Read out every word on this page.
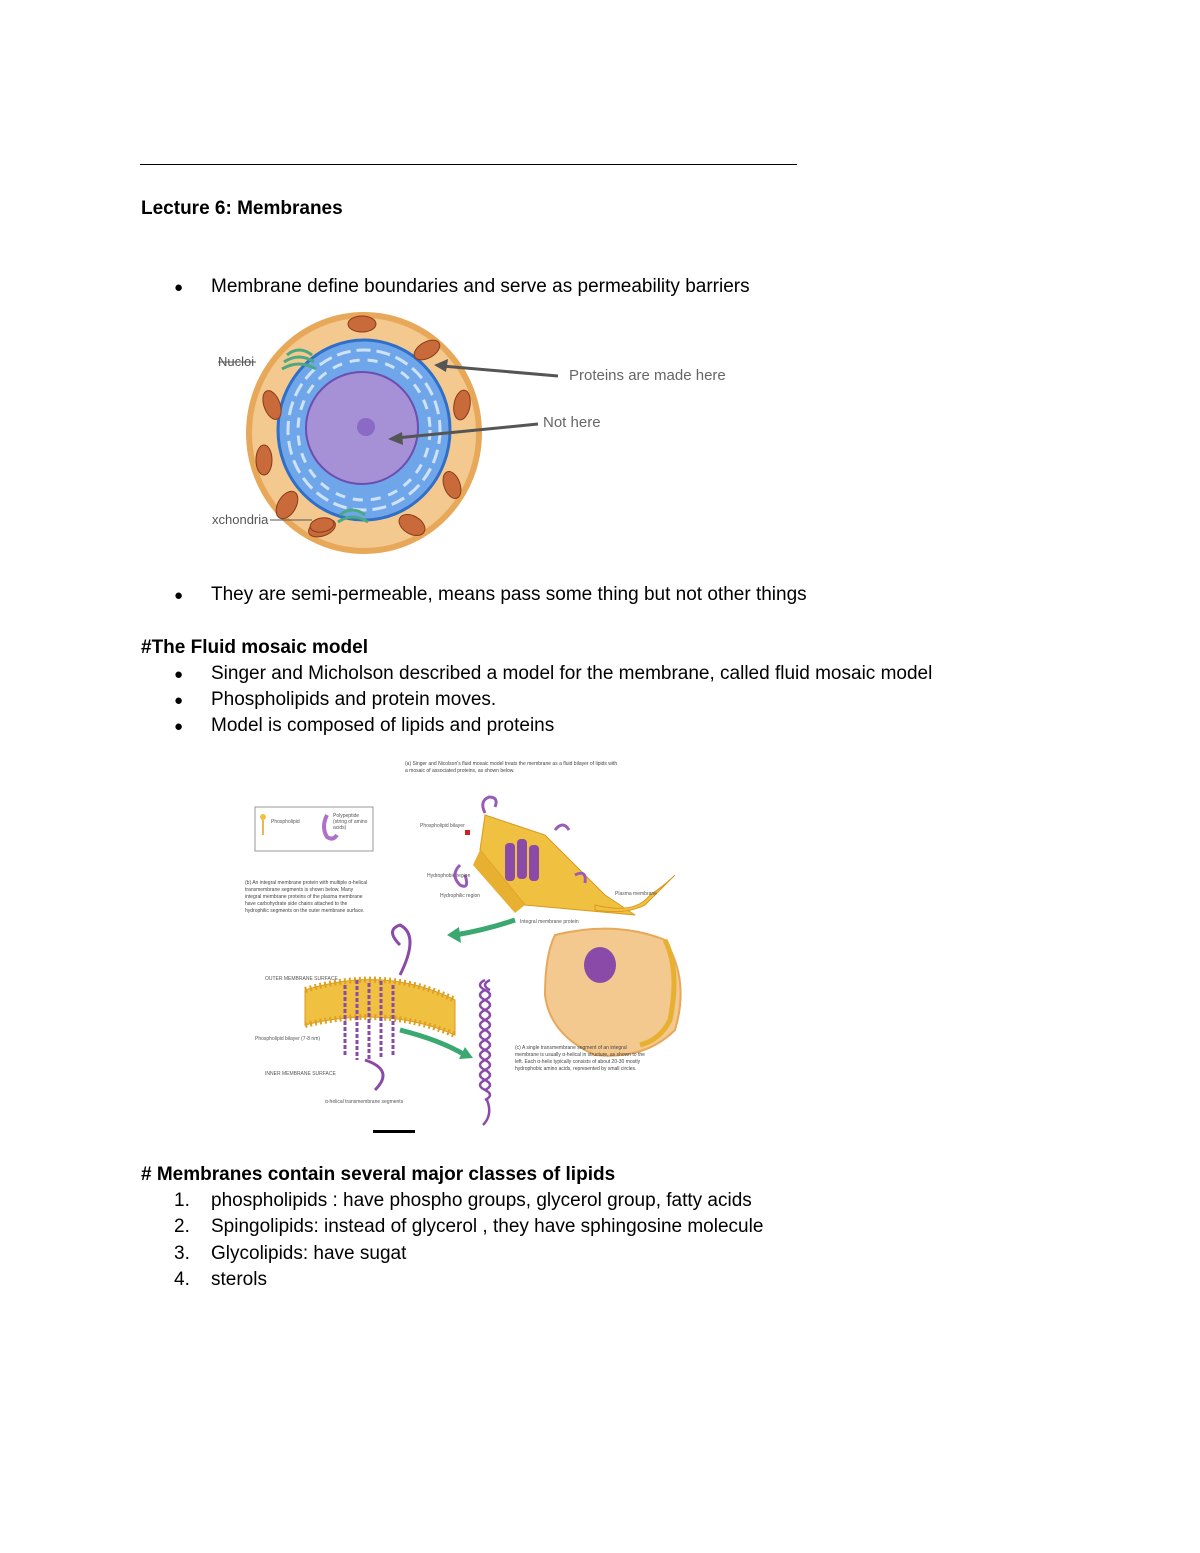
Lecture 6: Membranes
●	Membrane define boundaries and serve as permeability barriers
Nucloi
xchondria
Proteins are made here
Not here
●	They are semi-permeable, means pass some thing but not other things
#The Fluid mosaic model
●	Singer and Micholson described a model for the membrane, called fluid mosaic model
●	Phospholipids and protein moves.
●	Model is composed of lipids and proteins
(a) Singer and Nicolson's fluid mosaic model treats the membrane as a fluid bilayer of lipids with a mosaic of associated proteins, as shown below.
Phospholipid
Polypeptide (string of amino acids)	Phospholipid bilayer
Hydrophobic region
Hydrophilic region
Integral membrane protein
Plasma membrane
(b) An integral membrane protein with multiple α-helical transmembrane segments is shown below. Many integral membrane proteins of the plasma membrane have carbohydrate side chains attached to the hydrophilic segments on the outer membrane surface.
OUTER MEMBRANE SURFACE
Phospholipid bilayer (7-8 nm)
INNER MEMBRANE SURFACE
α-helical transmembrane segments
(c) A single transmembrane segment of an integral membrane is usually α-helical in structure, as shown to the left. Each α-helix typically consists of about 20-30 mostly hydrophobic amino acids, represented by small circles.
# Membranes contain several major classes of lipids
1.	phospholipids : have phospho groups, glycerol group, fatty acids
2.	Spingolipids: instead of glycerol , they have sphingosine molecule
3.	Glycolipids: have sugat
4.	sterols
